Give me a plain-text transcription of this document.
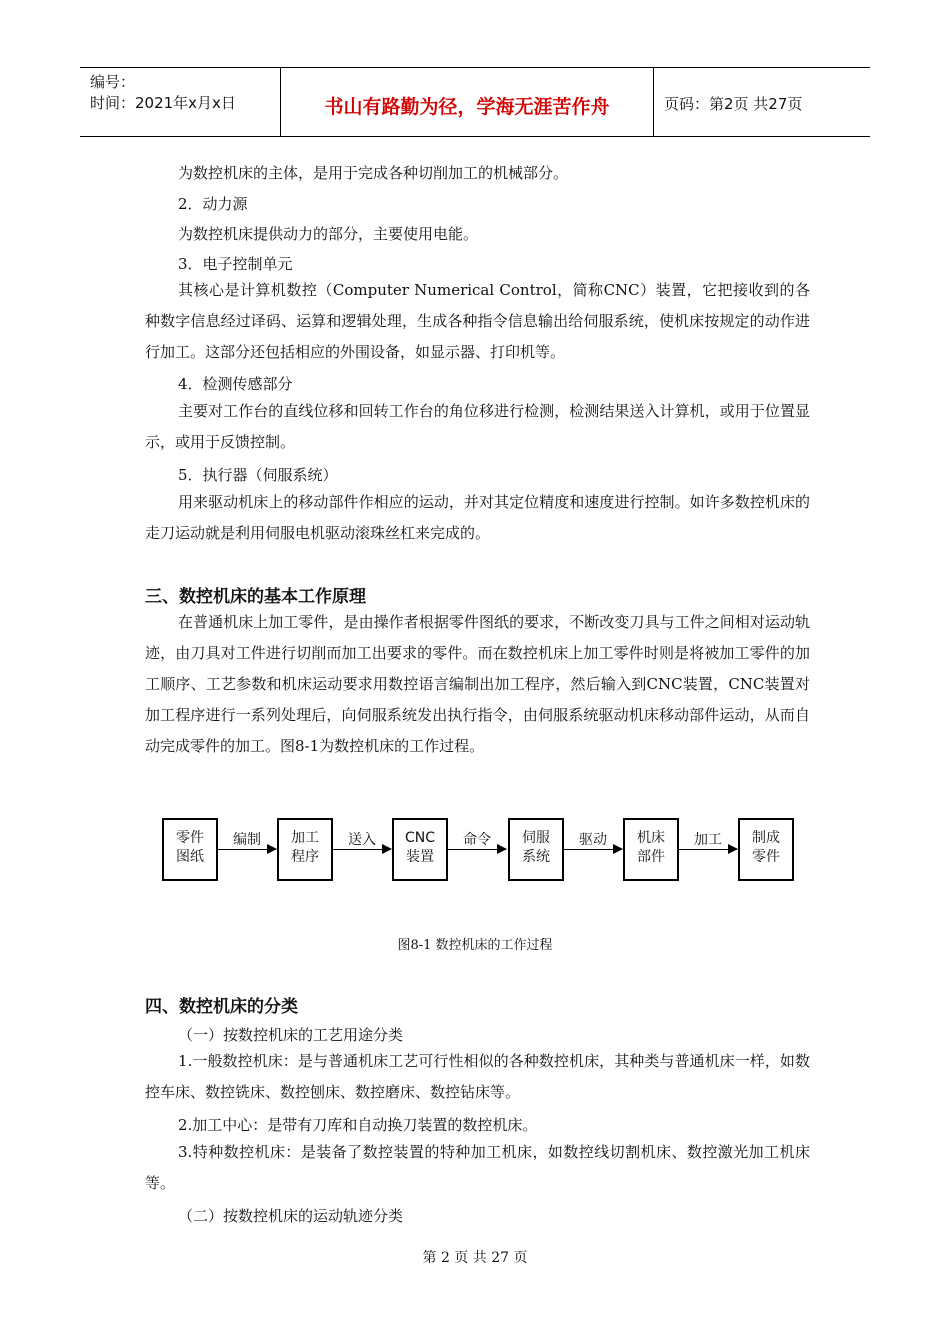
编号：
时间：2021年x月x日	书山有路勤为径，学海无涯苦作舟	页码：第2页 共27页
为数控机床的主体，是用于完成各种切削加工的机械部分。
2．动力源
为数控机床提供动力的部分，主要使用电能。
3．电子控制单元
其核心是计算机数控（Computer Numerical Control，简称CNC）装置，它把接收到的各种数字信息经过译码、运算和逻辑处理，生成各种指令信息输出给伺服系统，使机床按规定的动作进行加工。这部分还包括相应的外围设备，如显示器、打印机等。
4．检测传感部分
主要对工作台的直线位移和回转工作台的角位移进行检测，检测结果送入计算机，或用于位置显示，或用于反馈控制。
5．执行器（伺服系统）
用来驱动机床上的移动部件作相应的运动，并对其定位精度和速度进行控制。如许多数控机床的走刀运动就是利用伺服电机驱动滚珠丝杠来完成的。
三、数控机床的基本工作原理
在普通机床上加工零件，是由操作者根据零件图纸的要求，不断改变刀具与工件之间相对运动轨迹，由刀具对工件进行切削而加工出要求的零件。而在数控机床上加工零件时则是将被加工零件的加工顺序、工艺参数和机床运动要求用数控语言编制出加工程序，然后输入到CNC装置，CNC装置对加工程序进行一系列处理后，向伺服系统发出执行指令，由伺服系统驱动机床移动部件运动，从而自动完成零件的加工。图8-1为数控机床的工作过程。
零件
图纸
编制	加工
程序
送入	CNC
装置
命令	伺服
系统
驱动	机床
部件
加工	制成
零件
图8-1 数控机床的工作过程
四、数控机床的分类
（一）按数控机床的工艺用途分类
1.一般数控机床：是与普通机床工艺可行性相似的各种数控机床，其种类与普通机床一样，如数控车床、数控铣床、数控刨床、数控磨床、数控钻床等。
2.加工中心：是带有刀库和自动换刀装置的数控机床。
3.特种数控机床：是装备了数控装置的特种加工机床，如数控线切割机床、数控激光加工机床等。
（二）按数控机床的运动轨迹分类
第 2 页 共 27 页
